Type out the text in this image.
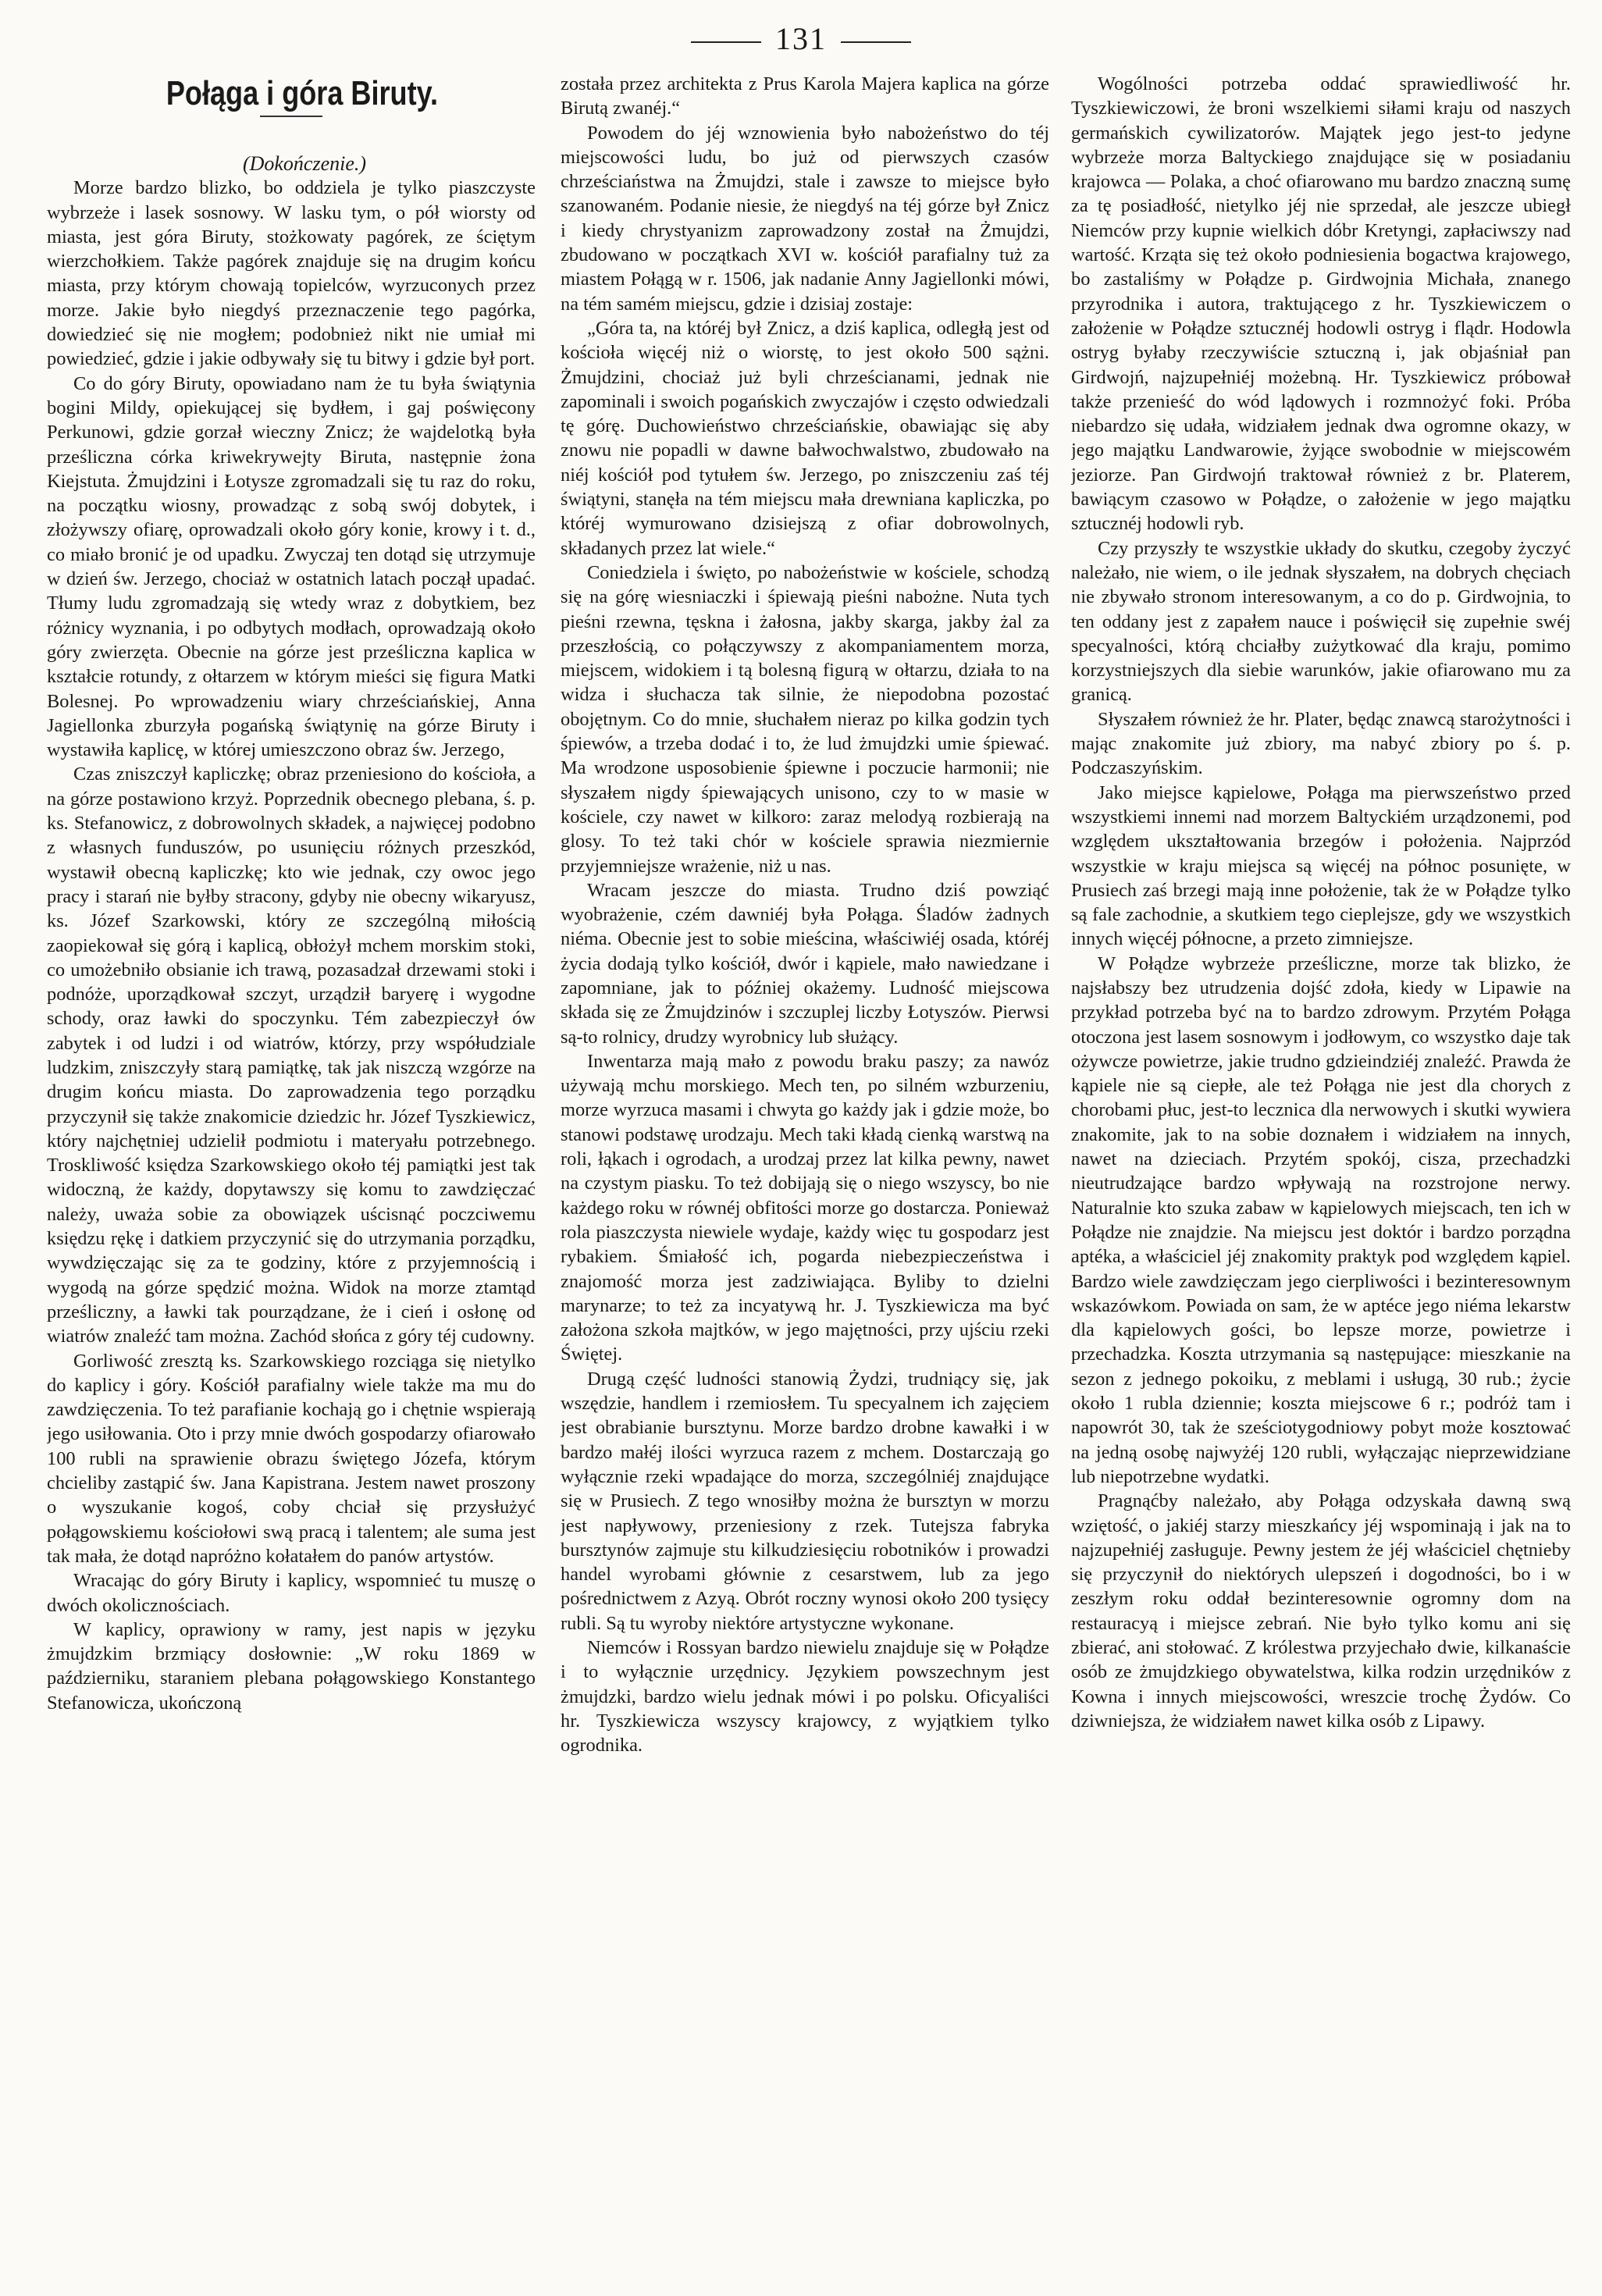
131

Połąga i góra Biruty.

(Dokończenie.)

Morze bardzo blizko, bo oddziela je tylko piaszczyste wybrzeże i lasek sosnowy. W lasku tym, o pół wiorsty od miasta, jest góra Biruty, stożkowaty pagórek, ze ściętym wierzchołkiem. Także pagórek znajduje się na drugim końcu miasta, przy którym chowają topielców, wyrzuconych przez morze. Jakie było niegdyś przeznaczenie tego pagórka, dowiedzieć się nie mogłem; podobnież nikt nie umiał mi powiedzieć, gdzie i jakie odbywały się tu bitwy i gdzie był port.

Co do góry Biruty, opowiadano nam że tu była świątynia bogini Mildy, opiekującej się bydłem, i gaj poświęcony Perkunowi, gdzie gorzał wieczny Znicz; że wajdelotką była prześliczna córka kriwekrywejty Biruta, następnie żona Kiejstuta. Żmujdzini i Łotysze zgromadzali się tu raz do roku, na początku wiosny, prowadząc z sobą swój dobytek, i złożywszy ofiarę, oprowadzali około góry konie, krowy i t. d., co miało bronić je od upadku. Zwyczaj ten dotąd się utrzymuje w dzień św. Jerzego, chociaż w ostatnich latach począł upadać. Tłumy ludu zgromadzają się wtedy wraz z dobytkiem, bez różnicy wyznania, i po odbytych modłach, oprowadzają około góry zwierzęta. Obecnie na górze jest prześliczna kaplica w kształcie rotundy, z ołtarzem w którym mieści się figura Matki Bolesnej. Po wprowadzeniu wiary chrześciańskiej, Anna Jagiellonka zburzyła pogańską świątynię na górze Biruty i wystawiła kaplicę, w której umieszczono obraz św. Jerzego,

Czas zniszczył kapliczkę; obraz przeniesiono do kościoła, a na górze postawiono krzyż. Poprzednik obecnego plebana, ś. p. ks. Stefanowicz, z dobrowolnych składek, a najwięcej podobno z własnych funduszów, po usunięciu różnych przeszkód, wystawił obecną kapliczkę; kto wie jednak, czy owoc jego pracy i starań nie byłby stracony, gdyby nie obecny wikaryusz, ks. Józef Szarkowski, który ze szczególną miłością zaopiekował się górą i kaplicą, obłożył mchem morskim stoki, co umożebniło obsianie ich trawą, pozasadzał drzewami stoki i podnóże, uporządkował szczyt, urządził baryerę i wygodne schody, oraz ławki do spoczynku. Tém zabezpieczył ów zabytek i od ludzi i od wiatrów, którzy, przy współudziale ludzkim, zniszczyły starą pamiątkę, tak jak niszczą wzgórze na drugim końcu miasta. Do zaprowadzenia tego porządku przyczynił się także znakomicie dziedzic hr. Józef Tyszkiewicz, który najchętniej udzielił podmiotu i materyału potrzebnego. Troskliwość księdza Szarkowskiego około téj pamiątki jest tak widoczną, że każdy, dopytawszy się komu to zawdzięczać należy, uważa sobie za obowiązek uścisnąć poczciwemu księdzu rękę i datkiem przyczynić się do utrzymania porządku, wywdzięczając się za te godziny, które z przyjemnością i wygodą na górze spędzić można. Widok na morze ztamtąd prześliczny, a ławki tak pourządzane, że i cień i osłonę od wiatrów znaleźć tam można. Zachód słońca z góry téj cudowny.

Gorliwość zresztą ks. Szarkowskiego rozciąga się nietylko do kaplicy i góry. Kościół parafialny wiele także ma mu do zawdzięczenia. To też parafianie kochają go i chętnie wspierają jego usiłowania. Oto i przy mnie dwóch gospodarzy ofiarowało 100 rubli na sprawienie obrazu świętego Józefa, którym chcieliby zastąpić św. Jana Kapistrana. Jestem nawet proszony o wyszukanie kogoś, coby chciał się przysłużyć połągowskiemu kościołowi swą pracą i talentem; ale suma jest tak mała, że dotąd napróżno kołatałem do panów artystów.

Wracając do góry Biruty i kaplicy, wspomnieć tu muszę o dwóch okolicznościach.

W kaplicy, oprawiony w ramy, jest napis w języku żmujdzkim brzmiący dosłownie: „W roku 1869 w październiku, staraniem plebana połągowskiego Konstantego Stefanowicza, ukończoną

została przez architekta z Prus Karola Majera kaplica na górze Birutą zwanéj.“

Powodem do jéj wznowienia było nabożeństwo do téj miejscowości ludu, bo już od pierwszych czasów chrześciaństwa na Żmujdzi, stale i zawsze to miejsce było szanowaném. Podanie niesie, że niegdyś na téj górze był Znicz i kiedy chrystyanizm zaprowadzony został na Żmujdzi, zbudowano w początkach XVI w. kościół parafialny tuż za miastem Połągą w r. 1506, jak nadanie Anny Jagiellonki mówi, na tém samém miejscu, gdzie i dzisiaj zostaje:

„Góra ta, na któréj był Znicz, a dziś kaplica, odległą jest od kościoła więcéj niż o wiorstę, to jest około 500 sążni. Żmujdzini, chociaż już byli chrześcianami, jednak nie zapominali i swoich pogańskich zwyczajów i często odwiedzali tę górę. Duchowieństwo chrześciańskie, obawiając się aby znowu nie popadli w dawne bałwochwalstwo, zbudowało na niéj kościół pod tytułem św. Jerzego, po zniszczeniu zaś téj świątyni, stanęła na tém miejscu mała drewniana kapliczka, po któréj wymurowano dzisiejszą z ofiar dobrowolnych, składanych przez lat wiele.“

Coniedziela i święto, po nabożeństwie w kościele, schodzą się na górę wiesniaczki i śpiewają pieśni nabożne. Nuta tych pieśni rzewna, tęskna i żałosna, jakby skarga, jakby żal za przeszłością, co połączywszy z akompaniamentem morza, miejscem, widokiem i tą bolesną figurą w ołtarzu, działa to na widza i słuchacza tak silnie, że niepodobna pozostać obojętnym. Co do mnie, słuchałem nieraz po kilka godzin tych śpiewów, a trzeba dodać i to, że lud żmujdzki umie śpiewać. Ma wrodzone usposobienie śpiewne i poczucie harmonii; nie słyszałem nigdy śpiewających unisono, czy to w masie w kościele, czy nawet w kilkoro: zaraz melodyą rozbierają na glosy. To też taki chór w kościele sprawia niezmiernie przyjemniejsze wrażenie, niż u nas.

Wracam jeszcze do miasta. Trudno dziś powziąć wyobrażenie, czém dawniéj była Połąga. Śladów żadnych niéma. Obecnie jest to sobie mieścina, właściwiéj osada, któréj życia dodają tylko kościół, dwór i kąpiele, mało nawiedzane i zapomniane, jak to później okażemy. Ludność miejscowa składa się ze Żmujdzinów i szczuplej liczby Łotyszów. Pierwsi są-to rolnicy, drudzy wyrobnicy lub służący.

Inwentarza mają mało z powodu braku paszy; za nawóz używają mchu morskiego. Mech ten, po silném wzburzeniu, morze wyrzuca masami i chwyta go każdy jak i gdzie może, bo stanowi podstawę urodzaju. Mech taki kładą cienką warstwą na roli, łąkach i ogrodach, a urodzaj przez lat kilka pewny, nawet na czystym piasku. To też dobijają się o niego wszyscy, bo nie każdego roku w równéj obfitości morze go dostarcza. Ponieważ rola piaszczysta niewiele wydaje, każdy więc tu gospodarz jest rybakiem. Śmiałość ich, pogarda niebezpieczeństwa i znajomość morza jest zadziwiająca. Byliby to dzielni marynarze; to też za incyatywą hr. J. Tyszkiewicza ma być założona szkoła majtków, w jego majętności, przy ujściu rzeki Świętej.

Drugą część ludności stanowią Żydzi, trudniący się, jak wszędzie, handlem i rzemiosłem. Tu specyalnem ich zajęciem jest obrabianie bursztynu. Morze bardzo drobne kawałki i w bardzo małéj ilości wyrzuca razem z mchem. Dostarczają go wyłącznie rzeki wpadające do morza, szczególniéj znajdujące się w Prusiech. Z tego wnosiłby można że bursztyn w morzu jest napływowy, przeniesiony z rzek. Tutejsza fabryka bursztynów zajmuje stu kilkudziesięciu robotników i prowadzi handel wyrobami głównie z cesarstwem, lub za jego pośrednictwem z Azyą. Obrót roczny wynosi około 200 tysięcy rubli. Są tu wyroby niektóre artystyczne wykonane.

Niemców i Rossyan bardzo niewielu znajduje się w Połądze i to wyłącznie urzędnicy. Językiem powszechnym jest żmujdzki, bardzo wielu jednak mówi i po polsku. Oficyaliści hr. Tyszkiewicza wszyscy krajowcy, z wyjątkiem tylko ogrodnika.

Wogólności potrzeba oddać sprawiedliwość hr. Tyszkiewiczowi, że broni wszelkiemi siłami kraju od naszych germańskich cywilizatorów. Majątek jego jest-to jedyne wybrzeże morza Baltyckiego znajdujące się w posiadaniu krajowca — Polaka, a choć ofiarowano mu bardzo znaczną sumę za tę posiadłość, nietylko jéj nie sprzedał, ale jeszcze ubiegł Niemców przy kupnie wielkich dóbr Kretyngi, zapłaciwszy nad wartość. Krząta się też około podniesienia bogactwa krajowego, bo zastaliśmy w Połądze p. Girdwojnia Michała, znanego przyrodnika i autora, traktującego z hr. Tyszkiewiczem o założenie w Połądze sztucznéj hodowli ostryg i flądr. Hodowla ostryg byłaby rzeczywiście sztuczną i, jak objaśniał pan Girdwojń, najzupełniéj możebną. Hr. Tyszkiewicz próbował także przenieść do wód lądowych i rozmnożyć foki. Próba niebardzo się udała, widziałem jednak dwa ogromne okazy, w jego majątku Landwarowie, żyjące swobodnie w miejscowém jeziorze. Pan Girdwojń traktował również z br. Platerem, bawiącym czasowo w Połądze, o założenie w jego majątku sztucznéj hodowli ryb.

Czy przyszły te wszystkie układy do skutku, czegoby życzyć należało, nie wiem, o ile jednak słyszałem, na dobrych chęciach nie zbywało stronom interesowanym, a co do p. Girdwojnia, to ten oddany jest z zapałem nauce i poświęcił się zupełnie swéj specyalności, którą chciałby zużytkować dla kraju, pomimo korzystniejszych dla siebie warunków, jakie ofiarowano mu za granicą.

Słyszałem również że hr. Plater, będąc znawcą starożytności i mając znakomite już zbiory, ma nabyć zbiory po ś. p. Podczaszyńskim.

Jako miejsce kąpielowe, Połąga ma pierwszeństwo przed wszystkiemi innemi nad morzem Baltyckiém urządzonemi, pod względem ukształtowania brzegów i położenia. Najprzód wszystkie w kraju miejsca są więcéj na północ posunięte, w Prusiech zaś brzegi mają inne położenie, tak że w Połądze tylko są fale zachodnie, a skutkiem tego cieplejsze, gdy we wszystkich innych więcéj północne, a przeto zimniejsze.

W Połądze wybrzeże prześliczne, morze tak blizko, że najsłabszy bez utrudzenia dojść zdoła, kiedy w Lipawie na przykład potrzeba być na to bardzo zdrowym. Przytém Połąga otoczona jest lasem sosnowym i jodłowym, co wszystko daje tak ożywcze powietrze, jakie trudno gdzieindziéj znaleźć. Prawda że kąpiele nie są ciepłe, ale też Połąga nie jest dla chorych z chorobami płuc, jest-to lecznica dla nerwowych i skutki wywiera znakomite, jak to na sobie doznałem i widziałem na innych, nawet na dzieciach. Przytém spokój, cisza, przechadzki nieutrudzające bardzo wpływają na rozstrojone nerwy. Naturalnie kto szuka zabaw w kąpielowych miejscach, ten ich w Połądze nie znajdzie. Na miejscu jest doktór i bardzo porządna aptéka, a właściciel jéj znakomity praktyk pod względem kąpiel. Bardzo wiele zawdzięczam jego cierpliwości i bezinteresownym wskazówkom. Powiada on sam, że w aptéce jego niéma lekarstw dla kąpielowych gości, bo lepsze morze, powietrze i przechadzka. Koszta utrzymania są następujące: mieszkanie na sezon z jednego pokoiku, z meblami i usługą, 30 rub.; życie około 1 rubla dziennie; koszta miejscowe 6 r.; podróż tam i napowrót 30, tak że sześciotygodniowy pobyt może kosztować na jedną osobę najwyżéj 120 rubli, wyłączając nieprzewidziane lub niepotrzebne wydatki.

Pragnąćby należało, aby Połąga odzyskała dawną swą wziętość, o jakiéj starzy mieszkańcy jéj wspominają i jak na to najzupełniéj zasługuje. Pewny jestem że jéj właściciel chętnieby się przyczynił do niektórych ulepszeń i dogodności, bo i w zeszłym roku oddał bezinteresownie ogromny dom na restauracyą i miejsce zebrań. Nie było tylko komu ani się zbierać, ani stołować. Z królestwa przyjechało dwie, kilkanaście osób ze żmujdzkiego obywatelstwa, kilka rodzin urzędników z Kowna i innych miejscowości, wreszcie trochę Żydów. Co dziwniejsza, że widziałem nawet kilka osób z Lipawy.
